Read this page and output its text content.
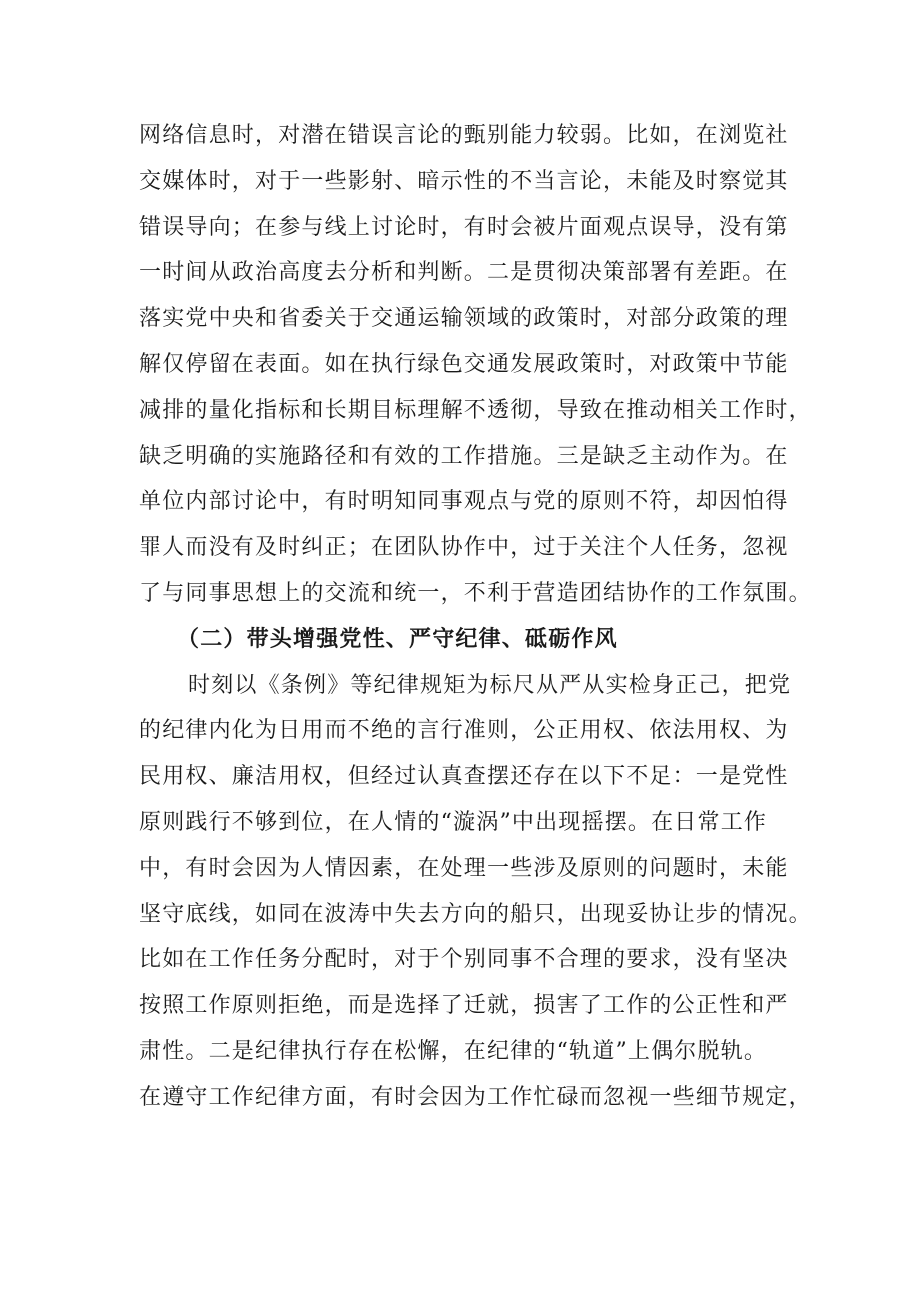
网络信息时，对潜在错误言论的甄别能力较弱。比如，在浏览社
交媒体时，对于一些影射、暗示性的不当言论，未能及时察觉其
错误导向；在参与线上讨论时，有时会被片面观点误导，没有第
一时间从政治高度去分析和判断。二是贯彻决策部署有差距。在
落实党中央和省委关于交通运输领域的政策时，对部分政策的理
解仅停留在表面。如在执行绿色交通发展政策时，对政策中节能
减排的量化指标和长期目标理解不透彻，导致在推动相关工作时，
缺乏明确的实施路径和有效的工作措施。三是缺乏主动作为。在
单位内部讨论中，有时明知同事观点与党的原则不符，却因怕得
罪人而没有及时纠正；在团队协作中，过于关注个人任务，忽视
了与同事思想上的交流和统一，不利于营造团结协作的工作氛围。
（二）带头增强党性、严守纪律、砥砺作风
时刻以《条例》等纪律规矩为标尺从严从实检身正己，把党
的纪律内化为日用而不绝的言行准则，公正用权、依法用权、为
民用权、廉洁用权，但经过认真查摆还存在以下不足：一是党性
原则践行不够到位，在人情的“漩涡”中出现摇摆。在日常工作
中，有时会因为人情因素，在处理一些涉及原则的问题时，未能
坚守底线，如同在波涛中失去方向的船只，出现妥协让步的情况。
比如在工作任务分配时，对于个别同事不合理的要求，没有坚决
按照工作原则拒绝，而是选择了迁就，损害了工作的公正性和严
肃性。二是纪律执行存在松懈，在纪律的“轨道”上偶尔脱轨。
在遵守工作纪律方面，有时会因为工作忙碌而忽视一些细节规定，
